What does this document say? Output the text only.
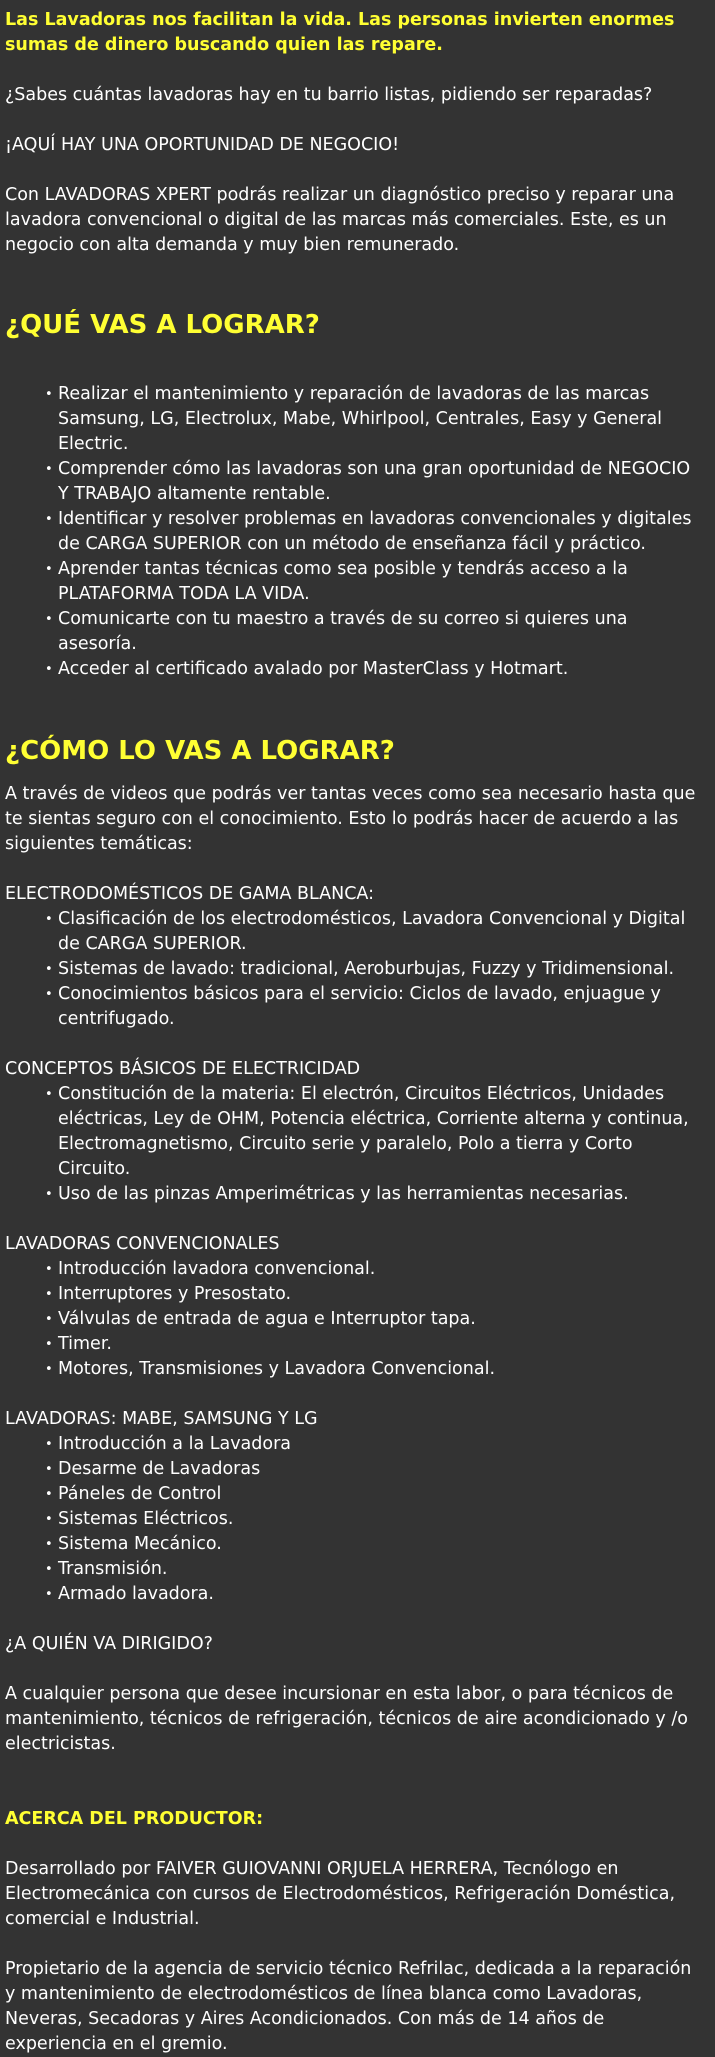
Las Lavadoras nos facilitan la vida. Las personas invierten enormes sumas de dinero buscando quien las repare.

¿Sabes cuántas lavadoras hay en tu barrio listas, pidiendo ser reparadas?

¡AQUÍ HAY UNA OPORTUNIDAD DE NEGOCIO!

Con LAVADORAS XPERT podrás realizar un diagnóstico preciso y reparar una lavadora convencional o digital de las marcas más comerciales. Este, es un negocio con alta demanda y muy bien remunerado.

¿QUÉ VAS A LOGRAR?
• Realizar el mantenimiento y reparación de lavadoras de las marcas Samsung, LG, Electrolux, Mabe, Whirlpool, Centrales, Easy y General Electric.
• Comprender cómo las lavadoras son una gran oportunidad de NEGOCIO Y TRABAJO altamente rentable.
• Identificar y resolver problemas en lavadoras convencionales y digitales de CARGA SUPERIOR con un método de enseñanza fácil y práctico.
• Aprender tantas técnicas como sea posible y tendrás acceso a la PLATAFORMA TODA LA VIDA.
• Comunicarte con tu maestro a través de su correo si quieres una asesoría.
• Acceder al certificado avalado por MasterClass y Hotmart.
¿CÓMO LO VAS A LOGRAR?

A través de videos que podrás ver tantas veces como sea necesario hasta que te sientas seguro con el conocimiento. Esto lo podrás hacer de acuerdo a las siguientes temáticas:

ELECTRODOMÉSTICOS DE GAMA BLANCA:

• Clasificación de los electrodomésticos, Lavadora Convencional y Digital de CARGA SUPERIOR.
• Sistemas de lavado: tradicional, Aeroburbujas, Fuzzy y Tridimensional.
• Conocimientos básicos para el servicio: Ciclos de lavado, enjuague y centrifugado.

CONCEPTOS BÁSICOS DE ELECTRICIDAD

• Constitución de la materia: El electrón, Circuitos Eléctricos, Unidades eléctricas, Ley de OHM, Potencia eléctrica, Corriente alterna y continua, Electromagnetismo, Circuito serie y paralelo, Polo a tierra y Corto Circuito.
• Uso de las pinzas Amperimétricas y las herramientas necesarias.

LAVADORAS CONVENCIONALES

• Introducción lavadora convencional.
• Interruptores y Presostato.
• Válvulas de entrada de agua e Interruptor tapa.
• Timer.
• Motores, Transmisiones y Lavadora Convencional.

LAVADORAS: MABE, SAMSUNG Y LG

• Introducción a la Lavadora
• Desarme de Lavadoras
• Páneles de Control
• Sistemas Eléctricos.
• Sistema Mecánico.
• Transmisión.
• Armado lavadora.

¿A QUIÉN VA DIRIGIDO?

A cualquier persona que desee incursionar en esta labor, o para técnicos de mantenimiento, técnicos de refrigeración, técnicos de aire acondicionado y /o electricistas.

ACERCA DEL PRODUCTOR:

Desarrollado por FAIVER GUIOVANNI ORJUELA HERRERA, Tecnólogo en Electromecánica con cursos de Electrodomésticos, Refrigeración Doméstica, comercial e Industrial.

Propietario de la agencia de servicio técnico Refrilac, dedicada a la reparación y mantenimiento de electrodomésticos de línea blanca como Lavadoras, Neveras, Secadoras y Aires Acondicionados. Con más de 14 años de experiencia en el gremio.
